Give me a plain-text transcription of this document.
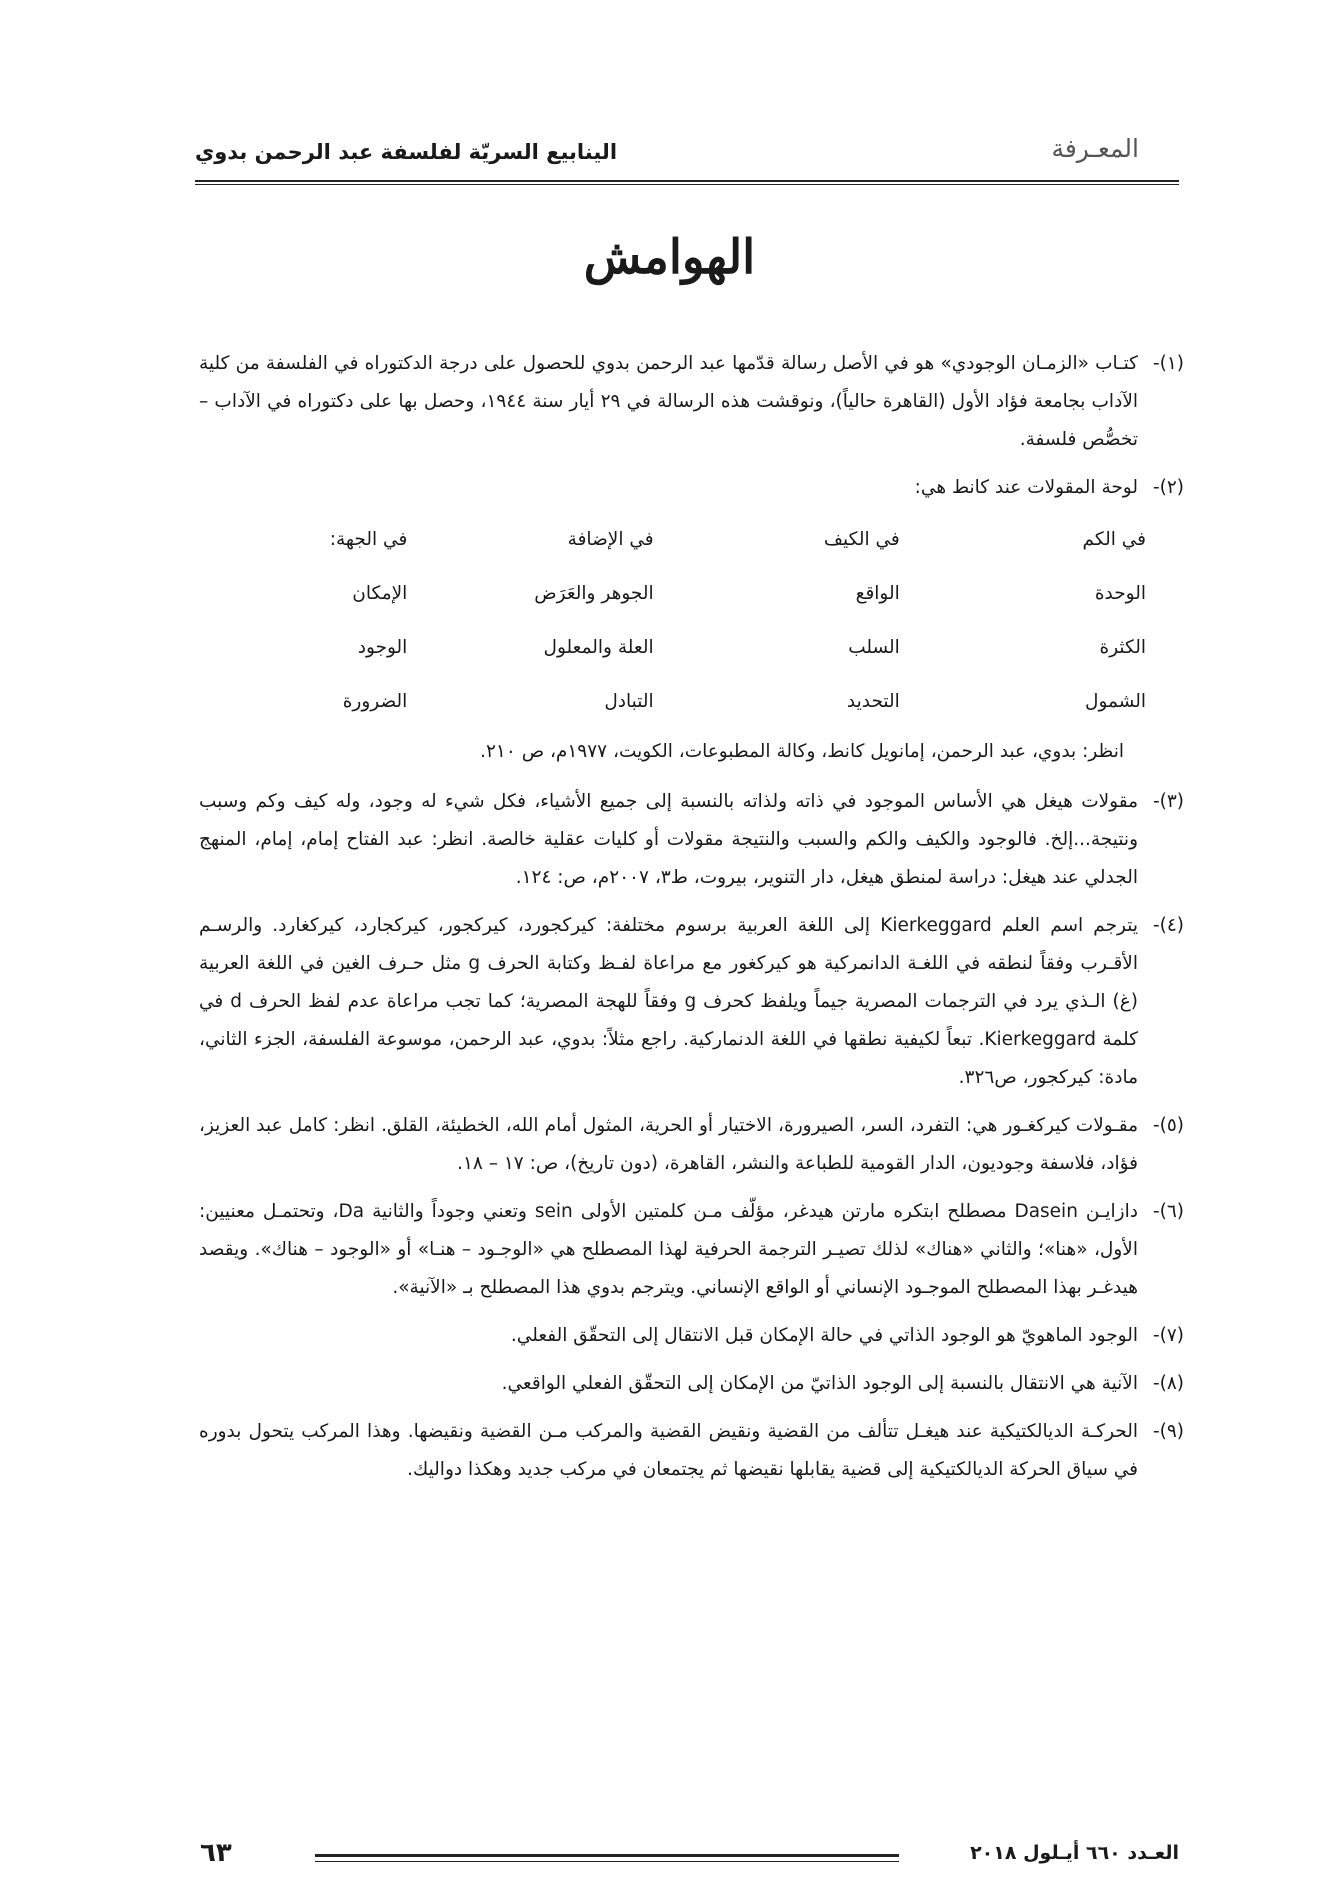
الينابيع السريّة لفلسفة عبد الرحمن بدوي	المعـرفة
الهوامش

(١)-كتـاب «الزمـان الوجودي» هو في الأصل رسالة قدّمها عبد الرحمن بدوي للحصول على درجة الدكتوراه في الفلسفة من كلية الآداب بجامعة فؤاد الأول (القاهرة حالياً)، ونوقشت هذه الرسالة في ٢٩ أيار سنة ١٩٤٤، وحصل بها على دكتوراه في الآداب – تخصُّص فلسفة.

(٢)-لوحة المقولات عند كانط هي:

في الكم	في الكيف	في الإضافة	في الجهة:
الوحدة	الواقع	الجوهر والعَرَض	الإمكان
الكثرة	السلب	العلة والمعلول	الوجود
الشمول	التحديد	التبادل	الضرورة

انظر: بدوي، عبد الرحمن، إمانويل كانط، وكالة المطبوعات، الكويت، ١٩٧٧م، ص ٢١٠.

(٣)-مقولات هيغل هي الأساس الموجود في ذاته ولذاته بالنسبة إلى جميع الأشياء، فكل شيء له وجود، وله كيف وكم وسبب ونتيجة...إلخ. فالوجود والكيف والكم والسبب والنتيجة مقولات أو كليات عقلية خالصة. انظر: عبد الفتاح إمام، إمام، المنهج الجدلي عند هيغل: دراسة لمنطق هيغل، دار التنوير، بيروت، ط٣، ٢٠٠٧م، ص: ١٢٤.

(٤)-يترجم اسم العلم Kierkeggard إلى اللغة العربية برسوم مختلفة: كيركجورد، كيركجور، كيركجارد، كيركغارد. والرسـم الأقـرب وفقاً لنطقه في اللغـة الدانمركية هو كيركغور مع مراعاة لفـظ وكتابة الحرف g مثل حـرف الغين في اللغة العربية (غ) الـذي يرد في الترجمات المصرية جيماً ويلفظ كحرف g وفقاً للهجة المصرية؛ كما تجب مراعاة عدم لفظ الحرف d في كلمة Kierkeggard. تبعاً لكيفية نطقها في اللغة الدنماركية. راجع مثلاً: بدوي، عبد الرحمن، موسوعة الفلسفة، الجزء الثاني، مادة: كيركجور، ص٣٢٦.

(٥)-مقـولات كيركغـور هي: التفرد، السر، الصيرورة، الاختيار أو الحرية، المثول أمام الله، الخطيئة، القلق. انظر: كامل عبد العزيز، فؤاد، فلاسفة وجوديون، الدار القومية للطباعة والنشر، القاهرة، (دون تاريخ)، ص: ١٧ – ١٨.

(٦)-دازايـن Dasein مصطلح ابتكره مارتن هيدغر، مؤلّف مـن كلمتين الأولى sein وتعني وجوداً والثانية Da، وتحتمـل معنيين: الأول، «هنا»؛ والثاني «هناك» لذلك تصيـر الترجمة الحرفية لهذا المصطلح هي «الوجـود – هنـا» أو «الوجود – هناك». ويقصد هيدغـر بهذا المصطلح الموجـود الإنساني أو الواقع الإنساني. ويترجم بدوي هذا المصطلح بـ «الآنية».

(٧)-الوجود الماهويّ هو الوجود الذاتي في حالة الإمكان قبل الانتقال إلى التحقّق الفعلي.

(٨)-الآنية هي الانتقال بالنسبة إلى الوجود الذاتيّ من الإمكان إلى التحقّق الفعلي الواقعي.

(٩)-الحركـة الديالكتيكية عند هيغـل تتألف من القضية ونقيض القضية والمركب مـن القضية ونقيضها. وهذا المركب يتحول بدوره في سياق الحركة الديالكتيكية إلى قضية يقابلها نقيضها ثم يجتمعان في مركب جديد وهكذا دواليك.

العـدد ٦٦٠ أيـلول ٢٠١٨
٦٣
